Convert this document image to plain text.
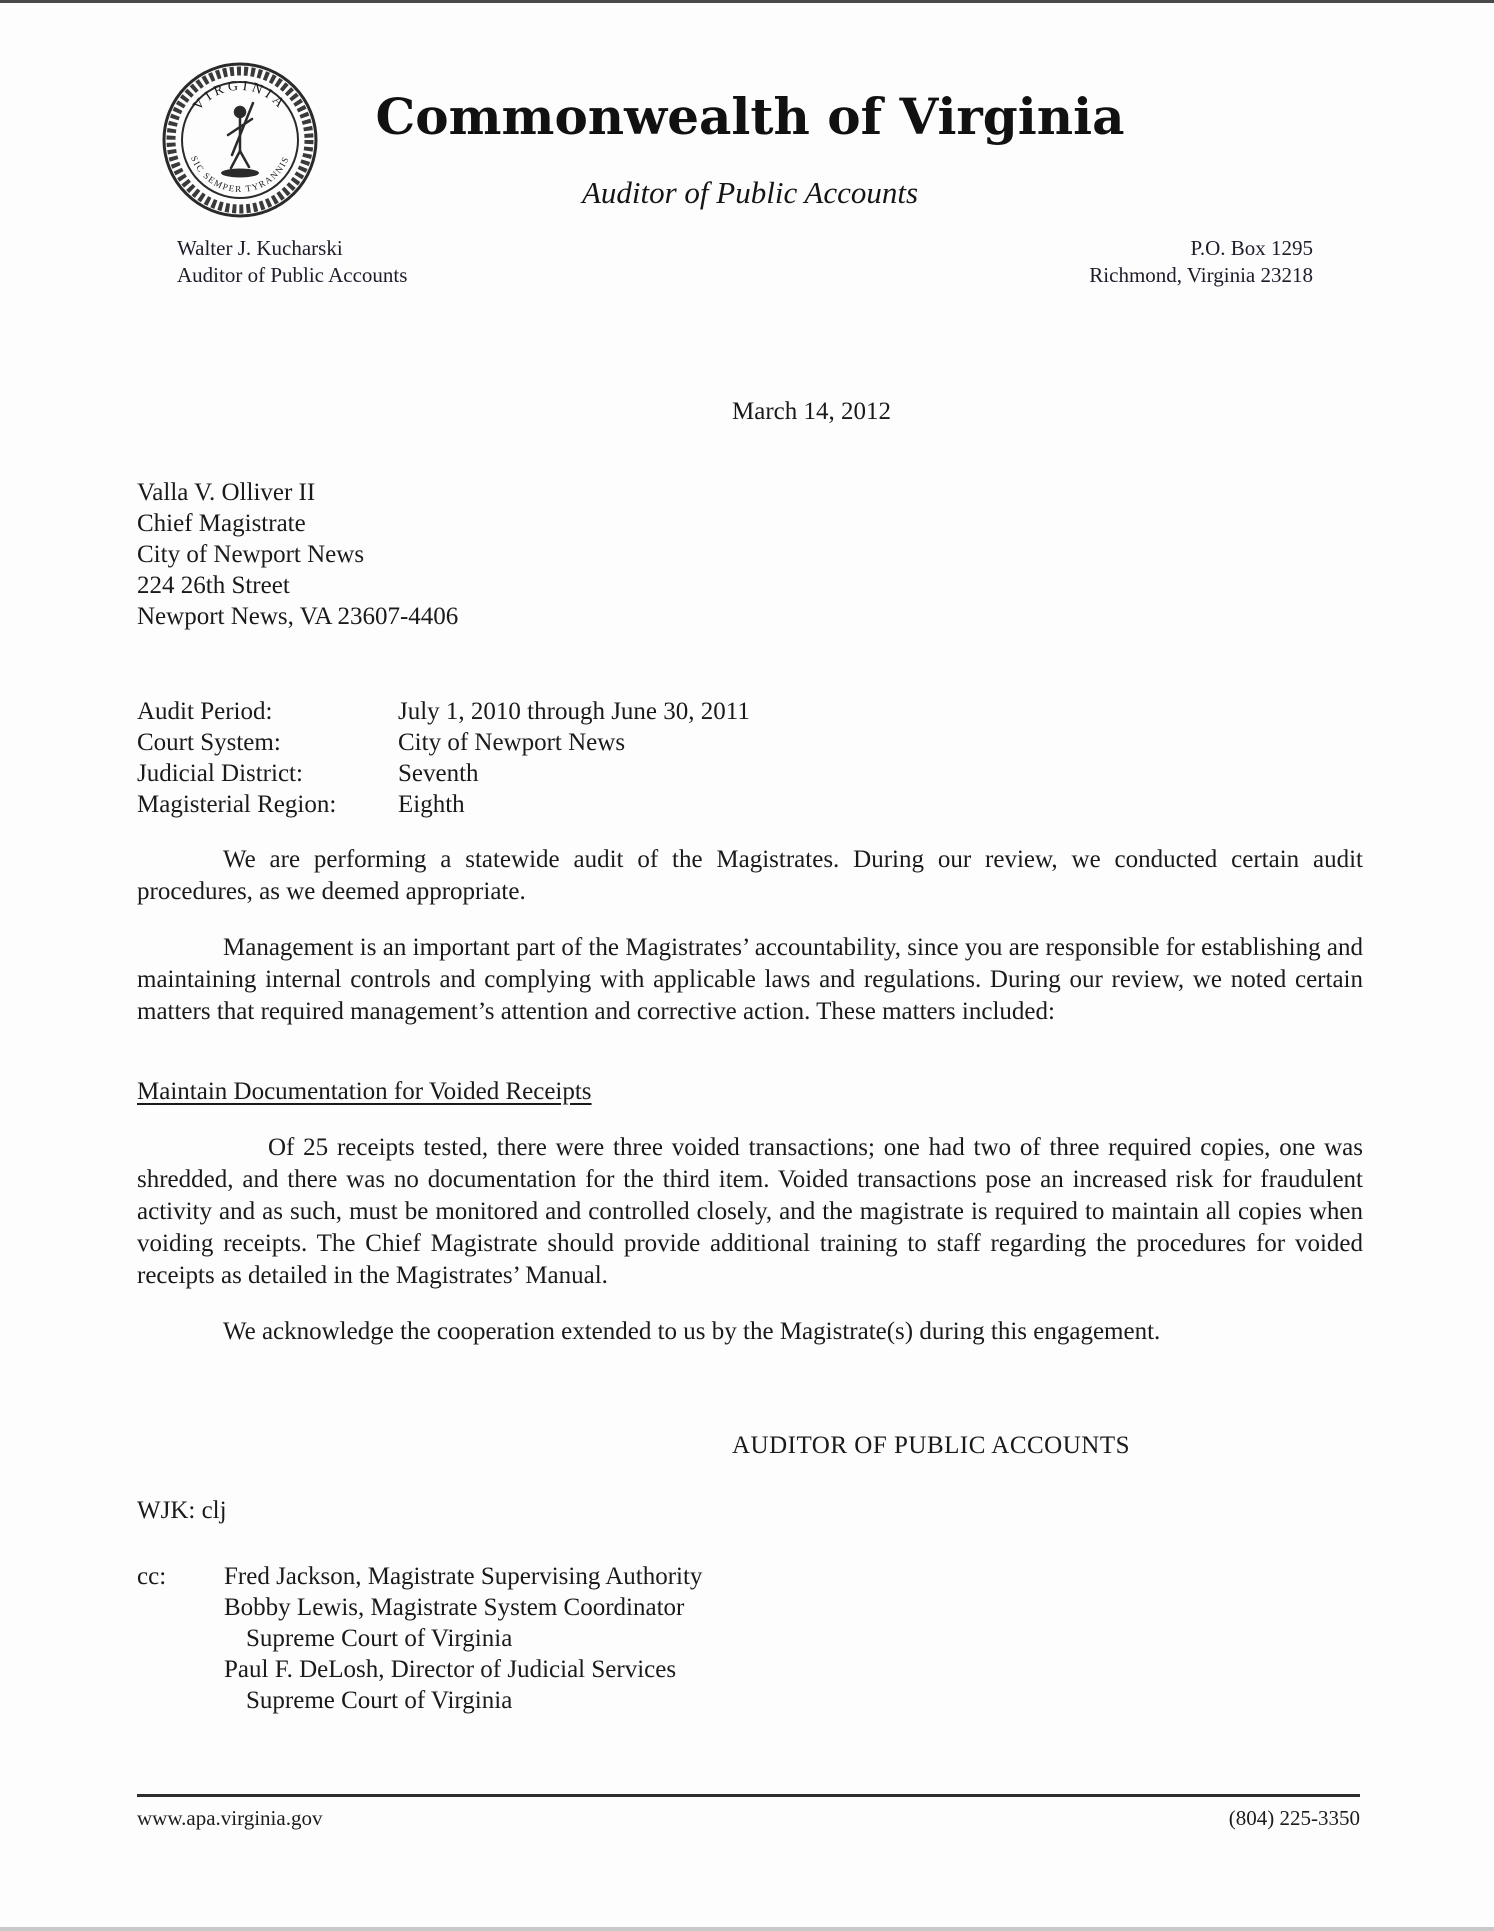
VIRGINIA
SIC SEMPER TYRANNIS
Commonwealth of Virginia
Auditor of Public Accounts
Walter J. Kucharski
Auditor of Public Accounts
P.O. Box 1295
Richmond, Virginia 23218
March 14, 2012
Valla V. Olliver II
Chief Magistrate
City of Newport News
224 26th Street
Newport News, VA 23607-4406
Audit Period:	July 1, 2010 through June 30, 2011
Court System:	City of Newport News
Judicial District:	Seventh
Magisterial Region:	Eighth

We are performing a statewide audit of the Magistrates. During our review, we conducted certain audit procedures, as we deemed appropriate.

Management is an important part of the Magistrates’ accountability, since you are responsible for establishing and maintaining internal controls and complying with applicable laws and regulations. During our review, we noted certain matters that required management’s attention and corrective action. These matters included:

Maintain Documentation for Voided Receipts

Of 25 receipts tested, there were three voided transactions; one had two of three required copies, one was shredded, and there was no documentation for the third item. Voided transactions pose an increased risk for fraudulent activity and as such, must be monitored and controlled closely, and the magistrate is required to maintain all copies when voiding receipts. The Chief Magistrate should provide additional training to staff regarding the procedures for voided receipts as detailed in the Magistrates’ Manual.

We acknowledge the cooperation extended to us by the Magistrate(s) during this engagement.

AUDITOR OF PUBLIC ACCOUNTS
WJK: clj
cc:	Fred Jackson, Magistrate Supervising Authority
Bobby Lewis, Magistrate System Coordinator
Supreme Court of Virginia
Paul F. DeLosh, Director of Judicial Services
Supreme Court of Virginia
www.apa.virginia.gov	(804) 225-3350
